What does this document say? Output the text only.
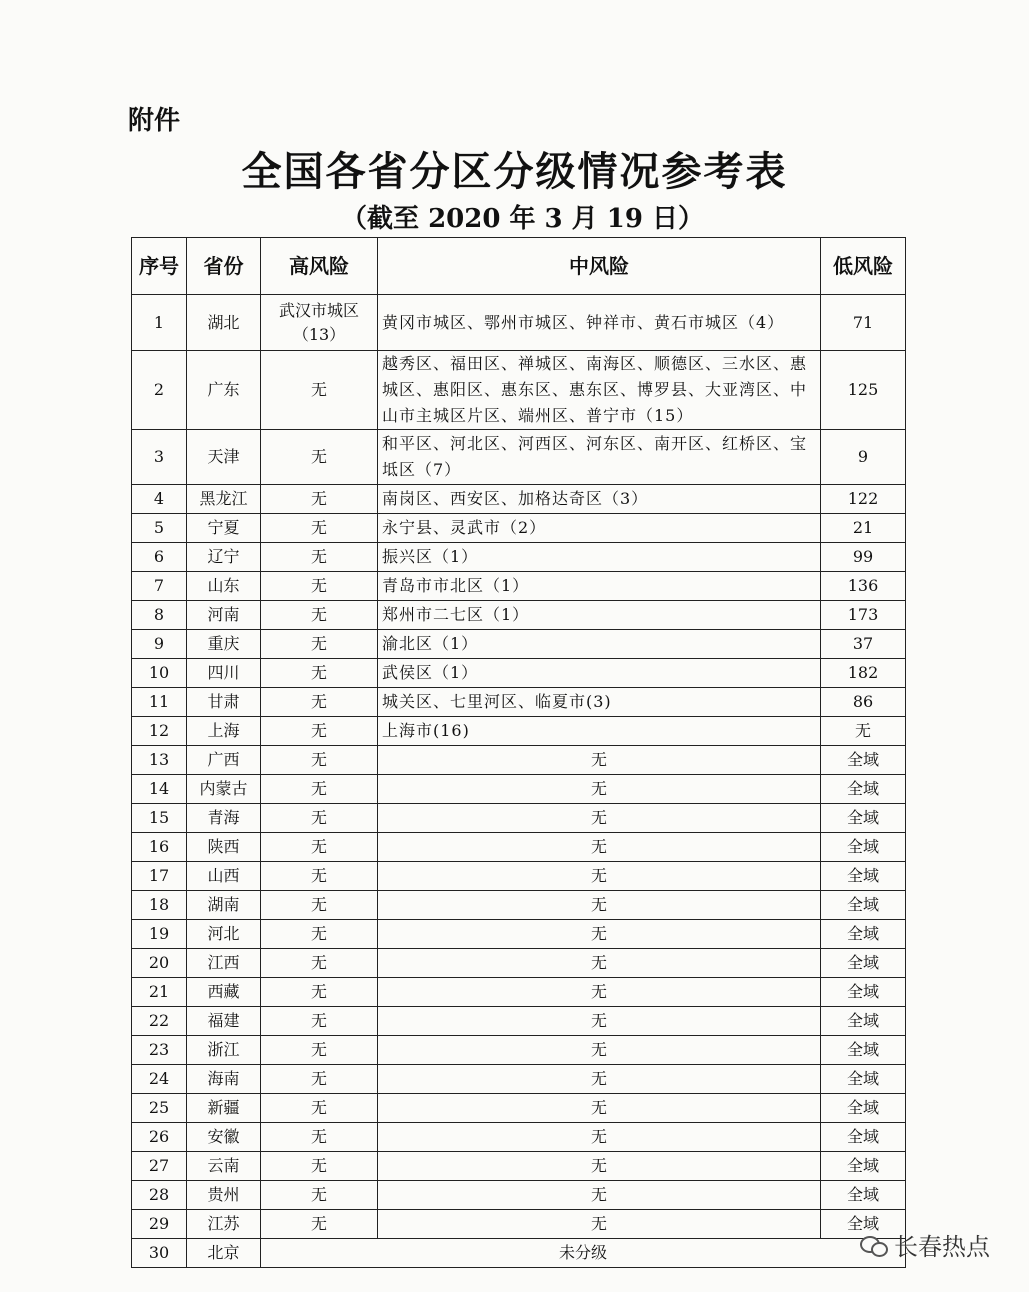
附件
全国各省分区分级情况参考表
（截至 2020 年 3 月 19 日）
序号	省份	高风险	中风险	低风险
1	湖北	武汉市城区（13）	黄冈市城区、鄂州市城区、钟祥市、黄石市城区（4）	71
2	广东	无	越秀区、福田区、禅城区、南海区、顺德区、三水区、惠城区、惠阳区、惠东区、惠东区、博罗县、大亚湾区、中山市主城区片区、端州区、普宁市（15）	125
3	天津	无	和平区、河北区、河西区、河东区、南开区、红桥区、宝坻区（7）	9
4	黑龙江	无	南岗区、西安区、加格达奇区（3）	122
5	宁夏	无	永宁县、灵武市（2）	21
6	辽宁	无	振兴区（1）	99
7	山东	无	青岛市市北区（1）	136
8	河南	无	郑州市二七区（1）	173
9	重庆	无	渝北区（1）	37
10	四川	无	武侯区（1）	182
11	甘肃	无	城关区、七里河区、临夏市(3)	86
12	上海	无	上海市(16)	无
13	广西	无	无	全域
14	内蒙古	无	无	全域
15	青海	无	无	全域
16	陕西	无	无	全域
17	山西	无	无	全域
18	湖南	无	无	全域
19	河北	无	无	全域
20	江西	无	无	全域
21	西藏	无	无	全域
22	福建	无	无	全域
23	浙江	无	无	全域
24	海南	无	无	全域
25	新疆	无	无	全域
26	安徽	无	无	全域
27	云南	无	无	全域
28	贵州	无	无	全域
29	江苏	无	无	全域
30	北京	未分级			长春热点
